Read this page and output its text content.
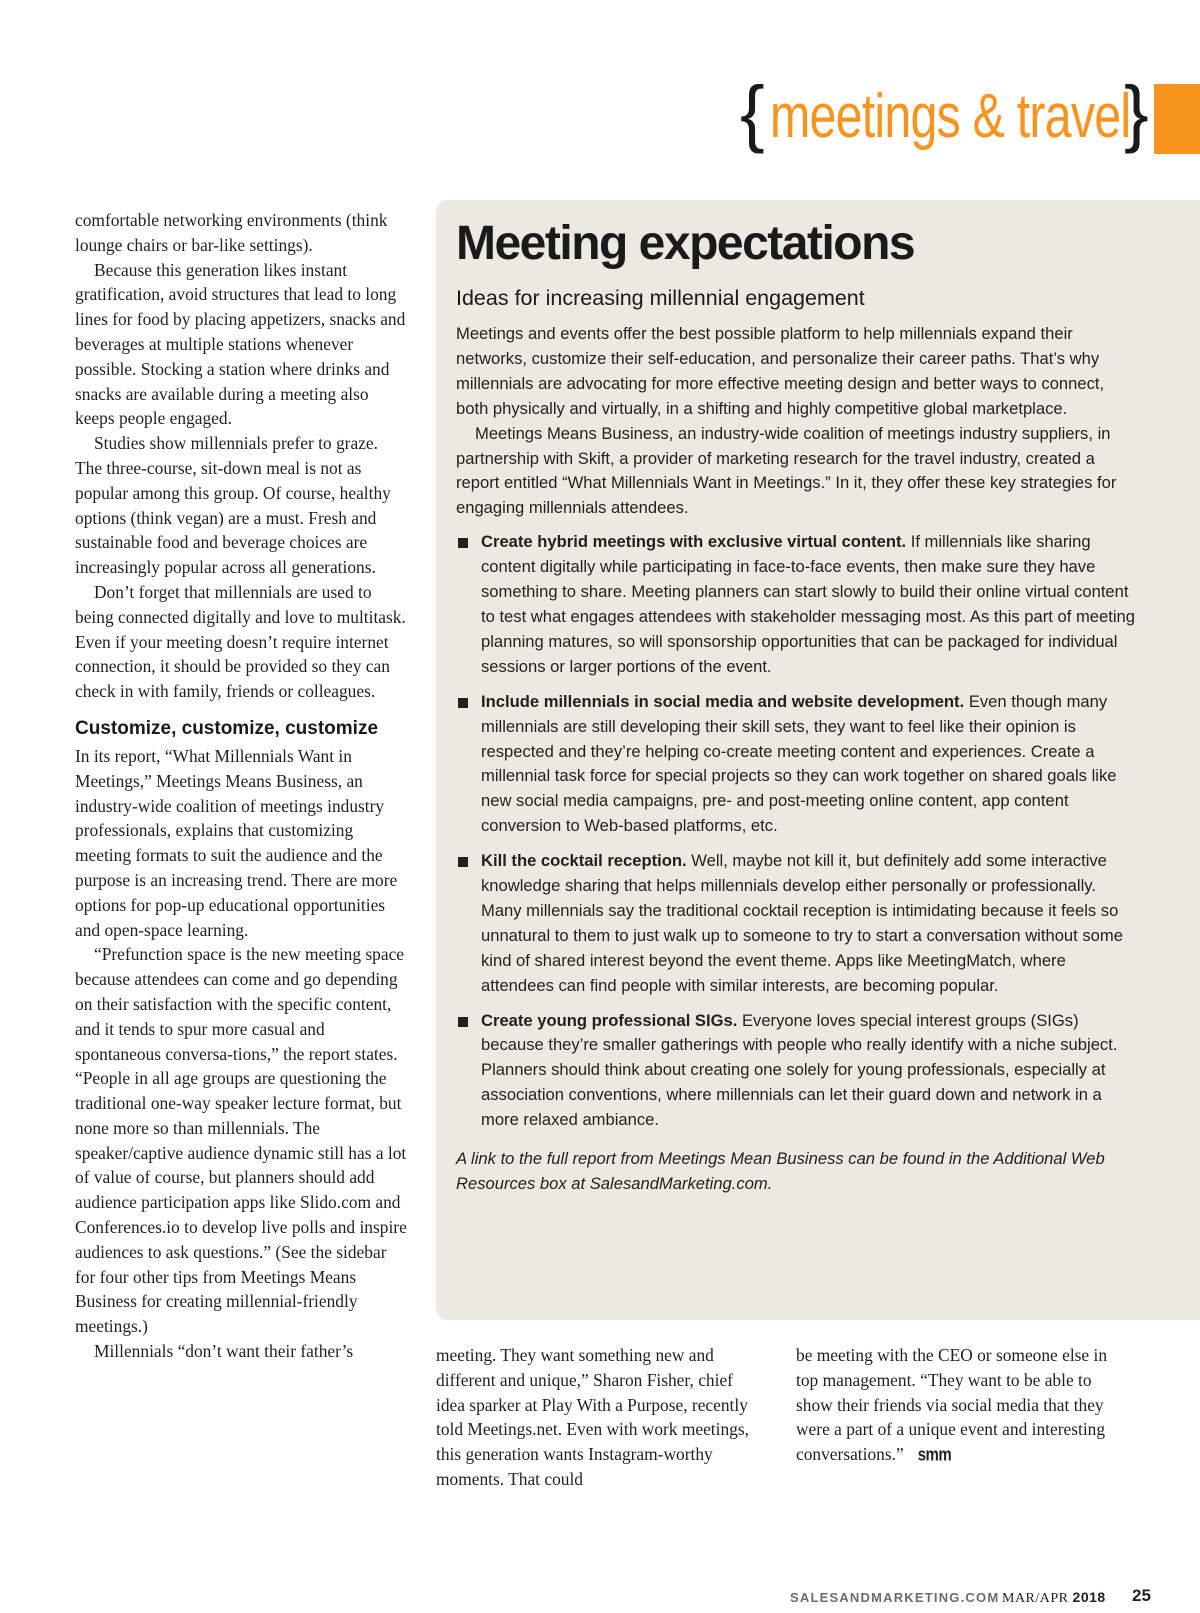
{ meetings & travel
}

comfortable networking environments (think lounge chairs or bar-like settings).

Because this generation likes instant gratification, avoid structures that lead to long lines for food by placing appetizers, snacks and beverages at multiple stations whenever possible. Stocking a station where drinks and snacks are available during a meeting also keeps people engaged.

Studies show millennials prefer to graze. The three-course, sit-down meal is not as popular among this group. Of course, healthy options (think vegan) are a must. Fresh and sustainable food and beverage choices are increasingly popular across all generations.

Don’t forget that millennials are used to being connected digitally and love to multitask. Even if your meeting doesn’t require internet connection, it should be provided so they can check in with family, friends or colleagues.

Customize, customize, customize

In its report, “What Millennials Want in Meetings,” Meetings Means Business, an industry-wide coalition of meetings industry professionals, explains that customizing meeting formats to suit the audience and the purpose is an increasing trend. There are more options for pop-up educational opportunities and open-space learning.

“Prefunction space is the new meeting space because attendees can come and go depending on their satisfaction with the specific content, and it tends to spur more casual and spontaneous conversa-tions,” the report states. “People in all age groups are questioning the traditional one-way speaker lecture format, but none more so than millennials. The speaker/captive audience dynamic still has a lot of value of course, but planners should add audience participation apps like Slido.com and Conferences.io to develop live polls and inspire audiences to ask questions.” (See the sidebar for four other tips from Meetings Means Business for creating millennial-friendly meetings.)

Millennials “don’t want their father’s

Meeting expectations
Ideas for increasing millennial engagement

Meetings and events offer the best possible platform to help millennials expand their networks, customize their self-education, and personalize their career paths. That’s why millennials are advocating for more effective meeting design and better ways to connect, both physically and virtually, in a shifting and highly competitive global marketplace.

Meetings Means Business, an industry-wide coalition of meetings industry suppliers, in partnership with Skift, a provider of marketing research for the travel industry, created a report entitled “What Millennials Want in Meetings.” In it, they offer these key strategies for engaging millennials attendees.

Create hybrid meetings with exclusive virtual content. If millennials like sharing content digitally while participating in face-to-face events, then make sure they have something to share. Meeting planners can start slowly to build their online virtual content to test what engages attendees with stakeholder messaging most. As this part of meeting planning matures, so will sponsorship opportunities that can be packaged for individual sessions or larger portions of the event.
Include millennials in social media and website development. Even though many millennials are still developing their skill sets, they want to feel like their opinion is respected and they’re helping co-create meeting content and experiences. Create a millennial task force for special projects so they can work together on shared goals like new social media campaigns, pre- and post-meeting online content, app content conversion to Web-based platforms, etc.
Kill the cocktail reception. Well, maybe not kill it, but definitely add some interactive knowledge sharing that helps millennials develop either personally or professionally. Many millennials say the traditional cocktail reception is intimidating because it feels so unnatural to them to just walk up to someone to try to start a conversation without some kind of shared interest beyond the event theme. Apps like MeetingMatch, where attendees can find people with similar interests, are becoming popular.
Create young professional SIGs. Everyone loves special interest groups (SIGs) because they’re smaller gatherings with people who really identify with a niche subject. Planners should think about creating one solely for young professionals, especially at association conventions, where millennials can let their guard down and network in a more relaxed ambiance.

A link to the full report from Meetings Mean Business can be found in the Additional Web Resources box at SalesandMarketing.com.

meeting. They want something new and different and unique,” Sharon Fisher, chief idea sparker at Play With a Purpose, recently told Meetings.net. Even with work meetings, this generation wants Instagram-worthy moments. That could

be meeting with the CEO or someone else in top management. “They want to be able to show their friends via social media that they were a part of a unique event and interesting conversations.” smm

SALESANDMARKETING.COM MAR/APR 2018 25
